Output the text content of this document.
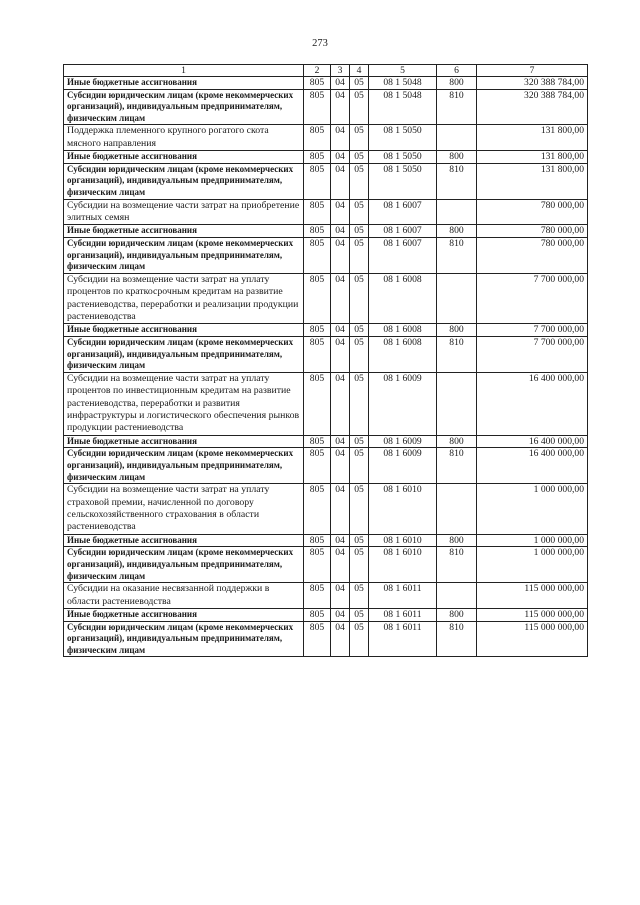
273
1	2	3	4	5	6	7
Иные бюджетные ассигнования	805	04	05	08 1 5048	800	320 388 784,00
Субсидии юридическим лицам (кроме некоммерческих организаций), индивидуальным предпринимателям, физическим лицам	805	04	05	08 1 5048	810	320 388 784,00
Поддержка племенного крупного рогатого скота мясного направления	805	04	05	08 1 5050		131 800,00
Иные бюджетные ассигнования	805	04	05	08 1 5050	800	131 800,00
Субсидии юридическим лицам (кроме некоммерческих организаций), индивидуальным предпринимателям, физическим лицам	805	04	05	08 1 5050	810	131 800,00
Субсидии на возмещение части затрат на приобретение элитных семян	805	04	05	08 1 6007		780 000,00
Иные бюджетные ассигнования	805	04	05	08 1 6007	800	780 000,00
Субсидии юридическим лицам (кроме некоммерческих организаций), индивидуальным предпринимателям, физическим лицам	805	04	05	08 1 6007	810	780 000,00
Субсидии на возмещение части затрат на уплату процентов по краткосрочным кредитам на развитие растениеводства, переработки и реализации продукции растениеводства	805	04	05	08 1 6008		7 700 000,00
Иные бюджетные ассигнования	805	04	05	08 1 6008	800	7 700 000,00
Субсидии юридическим лицам (кроме некоммерческих организаций), индивидуальным предпринимателям, физическим лицам	805	04	05	08 1 6008	810	7 700 000,00
Субсидии на возмещение части затрат на уплату процентов по инвестиционным кредитам на развитие растениеводства, переработки и развития инфраструктуры и логистического обеспечения рынков продукции растениеводства	805	04	05	08 1 6009		16 400 000,00
Иные бюджетные ассигнования	805	04	05	08 1 6009	800	16 400 000,00
Субсидии юридическим лицам (кроме некоммерческих организаций), индивидуальным предпринимателям, физическим лицам	805	04	05	08 1 6009	810	16 400 000,00
Субсидии на возмещение части затрат на уплату страховой премии, начисленной по договору сельскохозяйственного страхования в области растениеводства	805	04	05	08 1 6010		1 000 000,00
Иные бюджетные ассигнования	805	04	05	08 1 6010	800	1 000 000,00
Субсидии юридическим лицам (кроме некоммерческих организаций), индивидуальным предпринимателям, физическим лицам	805	04	05	08 1 6010	810	1 000 000,00
Субсидии на оказание несвязанной поддержки в области растениеводства	805	04	05	08 1 6011		115 000 000,00
Иные бюджетные ассигнования	805	04	05	08 1 6011	800	115 000 000,00
Субсидии юридическим лицам (кроме некоммерческих организаций), индивидуальным предпринимателям, физическим лицам	805	04	05	08 1 6011	810	115 000 000,00
